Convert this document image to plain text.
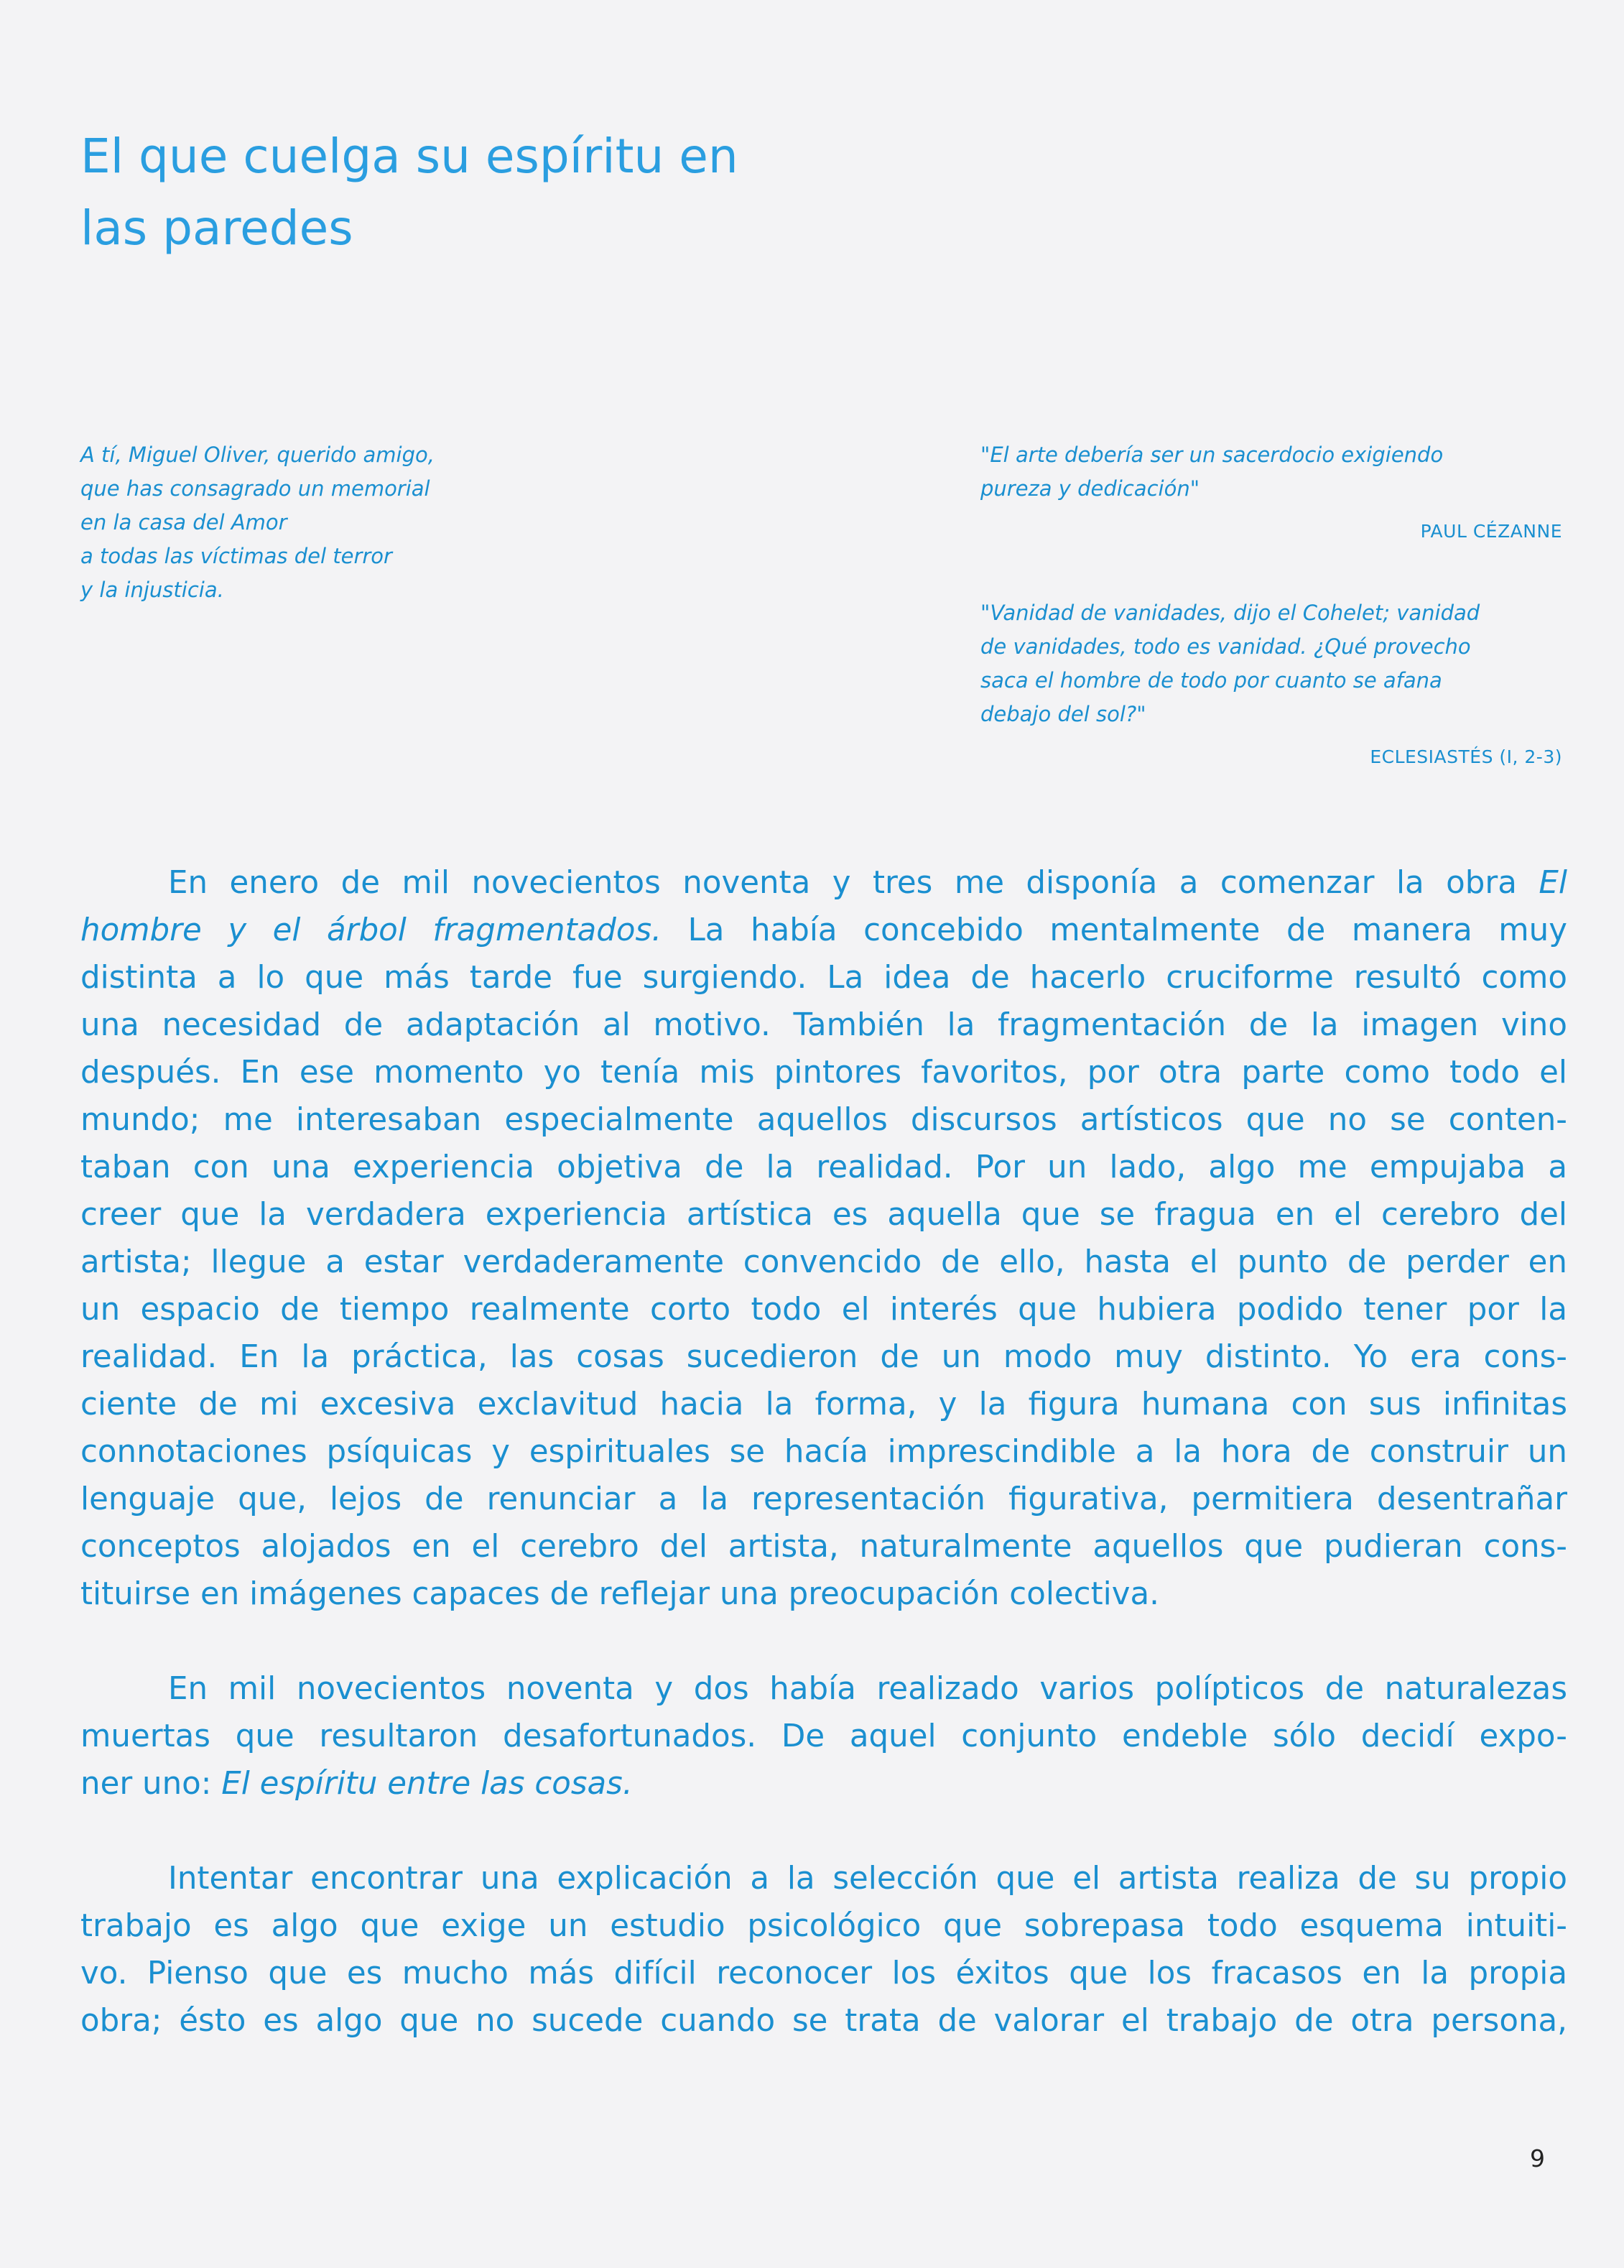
El que cuelga su espíritu en
las paredes
A tí, Miguel Oliver, querido amigo,
que has consagrado un memorial
en la casa del Amor
a todas las víctimas del terror
y la injusticia.
"El arte debería ser un sacerdocio exigiendo
pureza y dedicación"
PAUL CÉZANNE
"Vanidad de vanidades, dijo el Cohelet; vanidad
de vanidades, todo es vanidad. ¿Qué provecho
saca el hombre de todo por cuanto se afana
debajo del sol?"
ECLESIASTÉS (I, 2-3)

En enero de mil novecientos noventa y tres me disponía a comenzar la obra El
hombre y el árbol fragmentados. La había concebido mentalmente de manera muy
distinta a lo que más tarde fue surgiendo. La idea de hacerlo cruciforme resultó como
una necesidad de adaptación al motivo. También la fragmentación de la imagen vino
después. En ese momento yo tenía mis pintores favoritos, por otra parte como todo el
mundo; me interesaban especialmente aquellos discursos artísticos que no se conten-
taban con una experiencia objetiva de la realidad. Por un lado, algo me empujaba a
creer que la verdadera experiencia artística es aquella que se fragua en el cerebro del
artista; llegue a estar verdaderamente convencido de ello, hasta el punto de perder en
un espacio de tiempo realmente corto todo el interés que hubiera podido tener por la
realidad. En la práctica, las cosas sucedieron de un modo muy distinto. Yo era cons-
ciente de mi excesiva exclavitud hacia la forma, y la figura humana con sus infinitas
connotaciones psíquicas y espirituales se hacía imprescindible a la hora de construir un
lenguaje que, lejos de renunciar a la representación figurativa, permitiera desentrañar
conceptos alojados en el cerebro del artista, naturalmente aquellos que pudieran cons-
tituirse en imágenes capaces de reflejar una preocupación colectiva.

En mil novecientos noventa y dos había realizado varios polípticos de naturalezas
muertas que resultaron desafortunados. De aquel conjunto endeble sólo decidí expo-
ner uno: El espíritu entre las cosas.

Intentar encontrar una explicación a la selección que el artista realiza de su propio
trabajo es algo que exige un estudio psicológico que sobrepasa todo esquema intuiti-
vo. Pienso que es mucho más difícil reconocer los éxitos que los fracasos en la propia
obra; ésto es algo que no sucede cuando se trata de valorar el trabajo de otra persona,

9
